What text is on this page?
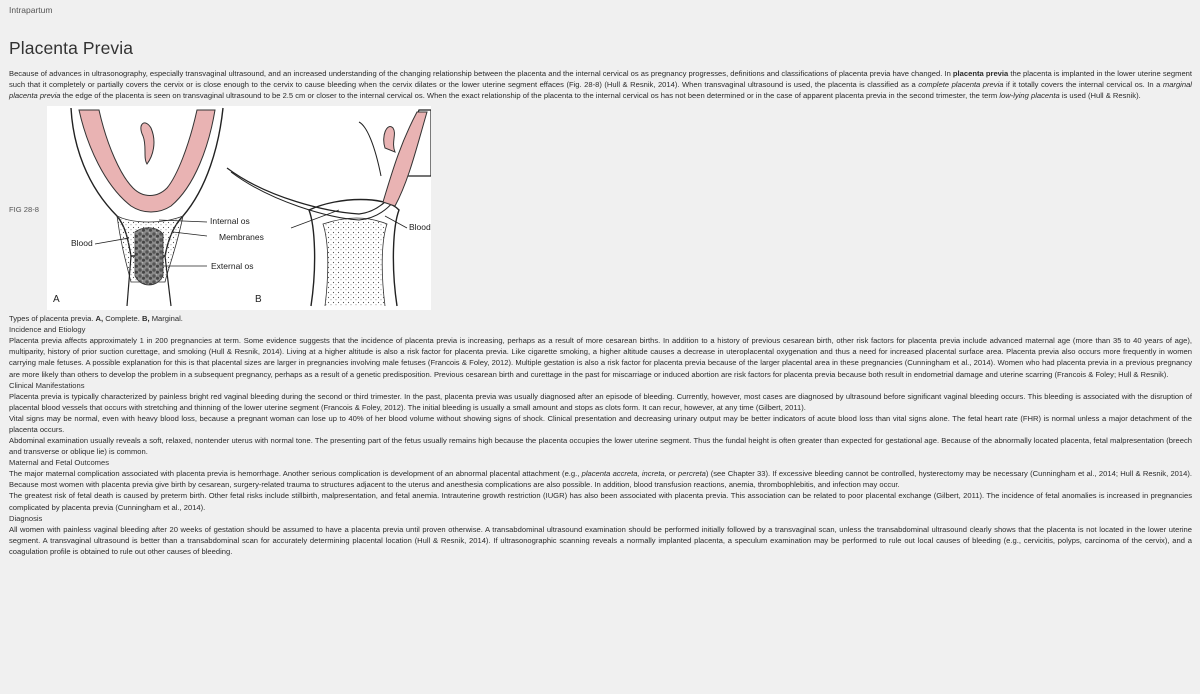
Intrapartum
Placenta Previa

Because of advances in ultrasonography, especially transvaginal ultrasound, and an increased understanding of the changing relationship between the placenta and the internal cervical os as pregnancy progresses, definitions and classifications of placenta previa have changed. In placenta previa the placenta is implanted in the lower uterine segment such that it completely or partially covers the cervix or is close enough to the cervix to cause bleeding when the cervix dilates or the lower uterine segment effaces (Fig. 28-8) (Hull & Resnik, 2014). When transvaginal ultrasound is used, the placenta is classified as a complete placenta previa if it totally covers the internal cervical os. In a marginal placenta previa the edge of the placenta is seen on transvaginal ultrasound to be 2.5 cm or closer to the internal cervical os. When the exact relationship of the placenta to the internal cervical os has not been determined or in the case of apparent placenta previa in the second trimester, the term low-lying placenta is used (Hull & Resnik).

FIG 28-8
Internal os
Membranes
Blood
External os
Blood
A	B
Types of placenta previa. A, Complete. B, Marginal.
Incidence and Etiology

Placenta previa affects approximately 1 in 200 pregnancies at term. Some evidence suggests that the incidence of placenta previa is increasing, perhaps as a result of more cesarean births. In addition to a history of previous cesarean birth, other risk factors for placenta previa include advanced maternal age (more than 35 to 40 years of age), multiparity, history of prior suction curettage, and smoking (Hull & Resnik, 2014). Living at a higher altitude is also a risk factor for placenta previa. Like cigarette smoking, a higher altitude causes a decrease in uteroplacental oxygenation and thus a need for increased placental surface area. Placenta previa also occurs more frequently in women carrying male fetuses. A possible explanation for this is that placental sizes are larger in pregnancies involving male fetuses (Francois & Foley, 2012). Multiple gestation is also a risk factor for placenta previa because of the larger placental area in these pregnancies (Cunningham et al., 2014). Women who had placenta previa in a previous pregnancy are more likely than others to develop the problem in a subsequent pregnancy, perhaps as a result of a genetic predisposition. Previous cesarean birth and curettage in the past for miscarriage or induced abortion are risk factors for placenta previa because both result in endometrial damage and uterine scarring (Francois & Foley; Hull & Resnik).

Clinical Manifestations

Placenta previa is typically characterized by painless bright red vaginal bleeding during the second or third trimester. In the past, placenta previa was usually diagnosed after an episode of bleeding. Currently, however, most cases are diagnosed by ultrasound before significant vaginal bleeding occurs. This bleeding is associated with the disruption of placental blood vessels that occurs with stretching and thinning of the lower uterine segment (Francois & Foley, 2012). The initial bleeding is usually a small amount and stops as clots form. It can recur, however, at any time (Gilbert, 2011).

Vital signs may be normal, even with heavy blood loss, because a pregnant woman can lose up to 40% of her blood volume without showing signs of shock. Clinical presentation and decreasing urinary output may be better indicators of acute blood loss than vital signs alone. The fetal heart rate (FHR) is normal unless a major detachment of the placenta occurs.

Abdominal examination usually reveals a soft, relaxed, nontender uterus with normal tone. The presenting part of the fetus usually remains high because the placenta occupies the lower uterine segment. Thus the fundal height is often greater than expected for gestational age. Because of the abnormally located placenta, fetal malpresentation (breech and transverse or oblique lie) is common.

Maternal and Fetal Outcomes

The major maternal complication associated with placenta previa is hemorrhage. Another serious complication is development of an abnormal placental attachment (e.g., placenta accreta, increta, or percreta) (see Chapter 33). If excessive bleeding cannot be controlled, hysterectomy may be necessary (Cunningham et al., 2014; Hull & Resnik, 2014). Because most women with placenta previa give birth by cesarean, surgery-related trauma to structures adjacent to the uterus and anesthesia complications are also possible. In addition, blood transfusion reactions, anemia, thrombophlebitis, and infection may occur.

The greatest risk of fetal death is caused by preterm birth. Other fetal risks include stillbirth, malpresentation, and fetal anemia. Intrauterine growth restriction (IUGR) has also been associated with placenta previa. This association can be related to poor placental exchange (Gilbert, 2011). The incidence of fetal anomalies is increased in pregnancies complicated by placenta previa (Cunningham et al., 2014).

Diagnosis

All women with painless vaginal bleeding after 20 weeks of gestation should be assumed to have a placenta previa until proven otherwise. A transabdominal ultrasound examination should be performed initially followed by a transvaginal scan, unless the transabdominal ultrasound clearly shows that the placenta is not located in the lower uterine segment. A transvaginal ultrasound is better than a transabdominal scan for accurately determining placental location (Hull & Resnik, 2014). If ultrasonographic scanning reveals a normally implanted placenta, a speculum examination may be performed to rule out local causes of bleeding (e.g., cervicitis, polyps, carcinoma of the cervix), and a coagulation profile is obtained to rule out other causes of bleeding.
